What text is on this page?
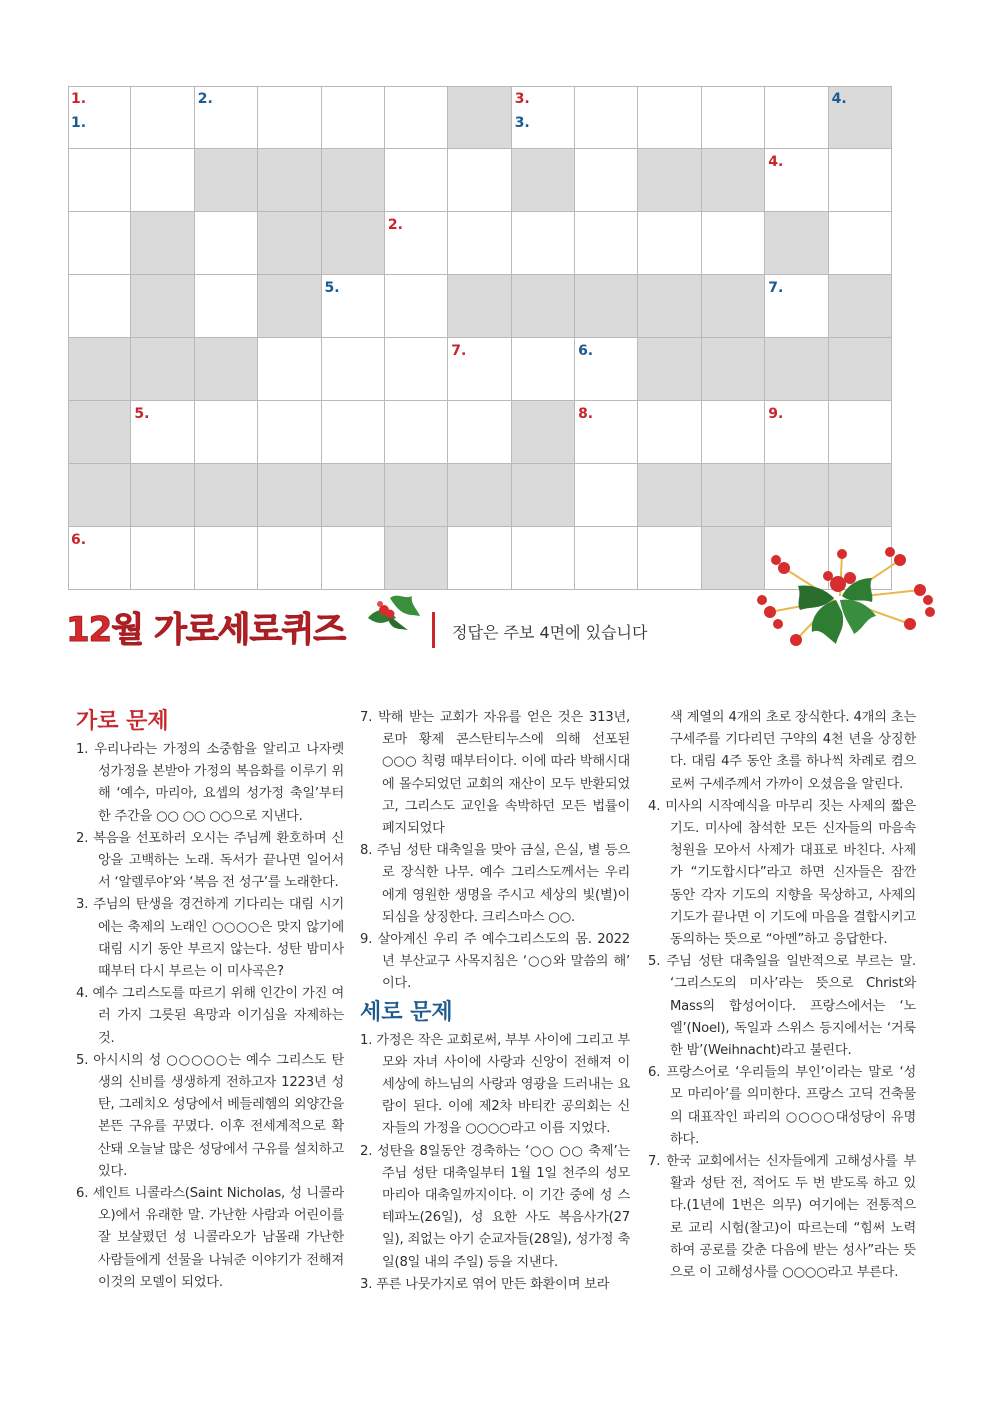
1.
1.
2.	3.
3.
4.
4.
2.
5.	7.
7.	6.
5.	8.	9.
6.
12월 가로세로퀴즈	정답은 주보 4면에 있습니다
가로 문제

1. 우리나라는 가정의 소중함을 알리고 나자렛 성가정을 본받아 가정의 복음화를 이루기 위해 ‘예수, 마리아, 요셉의 성가정 축일’부터 한 주간을 ○○ ○○ ○○으로 지낸다.

2. 복음을 선포하러 오시는 주님께 환호하며 신앙을 고백하는 노래. 독서가 끝나면 일어서서 ‘알렐루야’와 ‘복음 전 성구’를 노래한다.

3. 주님의 탄생을 경건하게 기다리는 대림 시기에는 축제의 노래인 ○○○○은 맞지 않기에 대림 시기 동안 부르지 않는다. 성탄 밤미사 때부터 다시 부르는 이 미사곡은?

4. 예수 그리스도를 따르기 위해 인간이 가진 여러 가지 그릇된 욕망과 이기심을 자제하는 것.

5. 아시시의 성 ○○○○○는 예수 그리스도 탄생의 신비를 생생하게 전하고자 1223년 성탄, 그레치오 성당에서 베들레헴의 외양간을 본뜬 구유를 꾸몄다. 이후 전세계적으로 확산돼 오늘날 많은 성당에서 구유를 설치하고 있다.

6. 세인트 니콜라스(Saint Nicholas, 성 니콜라오)에서 유래한 말. 가난한 사람과 어린이를 잘 보살폈던 성 니콜라오가 남몰래 가난한 사람들에게 선물을 나눠준 이야기가 전해져 이것의 모델이 되었다.

7. 박해 받는 교회가 자유를 얻은 것은 313년, 로마 황제 콘스탄티누스에 의해 선포된 ○○○ 칙령 때부터이다. 이에 따라 박해시대에 몰수되었던 교회의 재산이 모두 반환되었고, 그리스도 교인을 속박하던 모든 법률이 폐지되었다

8. 주님 성탄 대축일을 맞아 금실, 은실, 별 등으로 장식한 나무. 예수 그리스도께서는 우리에게 영원한 생명을 주시고 세상의 빛(별)이 되심을 상징한다. 크리스마스 ○○.

9. 살아계신 우리 주 예수그리스도의 몸. 2022년 부산교구 사목지침은 ‘○○와 말씀의 해’ 이다.

세로 문제

1. 가정은 작은 교회로써, 부부 사이에 그리고 부모와 자녀 사이에 사랑과 신앙이 전해져 이 세상에 하느님의 사랑과 영광을 드러내는 요람이 된다. 이에 제2차 바티칸 공의회는 신자들의 가정을 ○○○○라고 이름 지었다.

2. 성탄을 8일동안 경축하는 ‘○○ ○○ 축제’는 주님 성탄 대축일부터 1월 1일 천주의 성모 마리아 대축일까지이다. 이 기간 중에 성 스테파노(26일), 성 요한 사도 복음사가(27일), 죄없는 아기 순교자들(28일), 성가정 축일(8일 내의 주일) 등을 지낸다.

3. 푸른 나뭇가지로 엮어 만든 화환이며 보라

색 계열의 4개의 초로 장식한다. 4개의 초는 구세주를 기다리던 구약의 4천 년을 상징한다. 대림 4주 동안 초를 하나씩 차례로 켬으로써 구세주께서 가까이 오셨음을 알린다.

4. 미사의 시작예식을 마무리 짓는 사제의 짧은 기도. 미사에 참석한 모든 신자들의 마음속 청원을 모아서 사제가 대표로 바친다. 사제가 “기도합시다”라고 하면 신자들은 잠깐 동안 각자 기도의 지향을 묵상하고, 사제의 기도가 끝나면 이 기도에 마음을 결합시키고 동의하는 뜻으로 “아멘”하고 응답한다.

5. 주님 성탄 대축일을 일반적으로 부르는 말. ‘그리스도의 미사’라는 뜻으로 Christ와 Mass의 합성어이다. 프랑스에서는 ‘노엘’(Noel), 독일과 스위스 등지에서는 ‘거룩한 밤’(Weihnacht)라고 불린다.

6. 프랑스어로 ‘우리들의 부인’이라는 말로 ‘성모 마리아’를 의미한다. 프랑스 고딕 건축물의 대표작인 파리의 ○○○○대성당이 유명하다.

7. 한국 교회에서는 신자들에게 고해성사를 부활과 성탄 전, 적어도 두 번 받도록 하고 있다.(1년에 1번은 의무) 여기에는 전통적으로 교리 시험(찰고)이 따르는데 “힘써 노력하여 공로를 갖춘 다음에 받는 성사”라는 뜻으로 이 고해성사를 ○○○○라고 부른다.
